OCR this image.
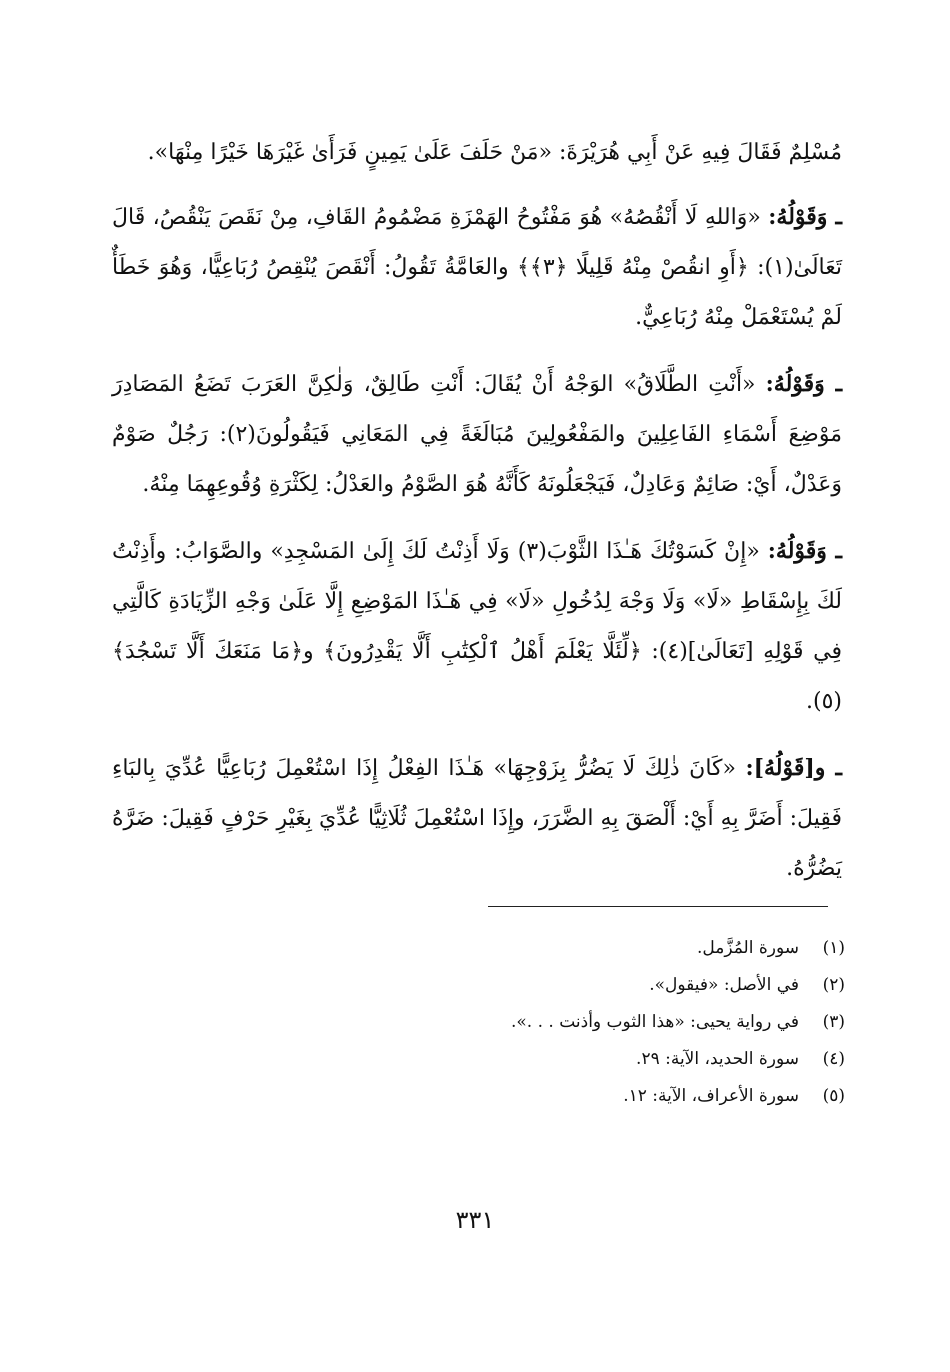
مُسْلِمٌ فَقَالَ فِيهِ عَنْ أَبِي هُرَيْرَةَ: «مَنْ حَلَفَ عَلَىٰ يَمِينٍ فَرَأَىٰ غَيْرَهَا خَيْرًا مِنْهَا».

ـ وَقَوْلُهُ: «وَاللهِ لَا أَنْقُصُهُ» هُوَ مَفْتُوحُ الهَمْزَةِ مَضْمُومُ القَافِ، مِنْ نَقَصَ يَنْقُصُ، قَالَ تَعَالَىٰ(١): ﴿أَوِ انقُصْ مِنْهُ قَلِيلًا ﴿٣﴾﴾ والعَامَّةُ تَقُولُ: أَنْقَصَ يُنْقِصُ رُبَاعِيًّا، وَهُوَ خَطَأٌ لَمْ يُسْتَعْمَلْ مِنْهُ رُبَاعِيٌّ.

ـ وَقَوْلُهُ: «أَنْتِ الطَّلَاقُ» الوَجْهُ أَنْ يُقَالَ: أَنْتِ طَالِقٌ، وَلٰكِنَّ العَرَبَ تَضَعُ المَصَادِرَ مَوْضِعَ أَسْمَاءِ الفَاعِلِينَ والمَفْعُولِينَ مُبَالَغَةً فِي المَعَانِي فَيَقُولُونَ(٢): رَجُلٌ صَوْمٌ وَعَدْلٌ، أَيْ: صَائِمٌ وَعَادِلٌ، فَيَجْعَلُونَهُ كَأَنَّهُ هُوَ الصَّوْمُ والعَدْلُ: لِكَثْرَةِ وُقُوعِهِمَا مِنْهُ.

ـ وَقَوْلُهُ: «إِنْ كَسَوْتُكَ هَـٰذَا الثَّوْبَ(٣) وَلَا أَذِنْتُ لَكَ إِلَىٰ المَسْجِدِ» والصَّوَابُ: وأَذِنْتُ لَكَ بِإِسْقَاطِ «لَا» وَلَا وَجْهَ لِدُخُولِ «لَا» فِي هَـٰذَا المَوْضِعِ إِلَّا عَلَىٰ وَجْهِ الزِّيَادَةِ كَالَّتِي فِي قَوْلِهِ [تَعَالَىٰ](٤): ﴿لِّئَلَّا يَعْلَمَ أَهْلُ ٱلْكِتَٰبِ أَلَّا يَقْدِرُونَ﴾ و﴿مَا مَنَعَكَ أَلَّا تَسْجُدَ﴾(٥).

ـ و[قَوْلُهُ]: «كَانَ ذٰلِكَ لَا يَضُرُّ بِزَوْجِهَا» هَـٰذَا الفِعْلُ إِذَا اسْتُعْمِلَ رُبَاعِيًّا عُدِّيَ بِالبَاءِ فَقِيلَ: أَضَرَّ بِهِ أَيْ: أَلْصَقَ بِهِ الضَّرَرَ، وإِذَا اسْتُعْمِلَ ثُلَاثِيًّا عُدِّيَ بِغَيْرِ حَرْفٍ فَقِيلَ: ضَرَّهُ يَضُرُّهُ.

(١)
سورة المُزَّمل.
(٢)
في الأصل: «فيقول».
(٣)
في رواية يحيى: «هذا الثوب وأذنت . . .».
(٤)
سورة الحديد، الآية: ٢٩.
(٥)
سورة الأعراف، الآية: ١٢.
٣٣١
